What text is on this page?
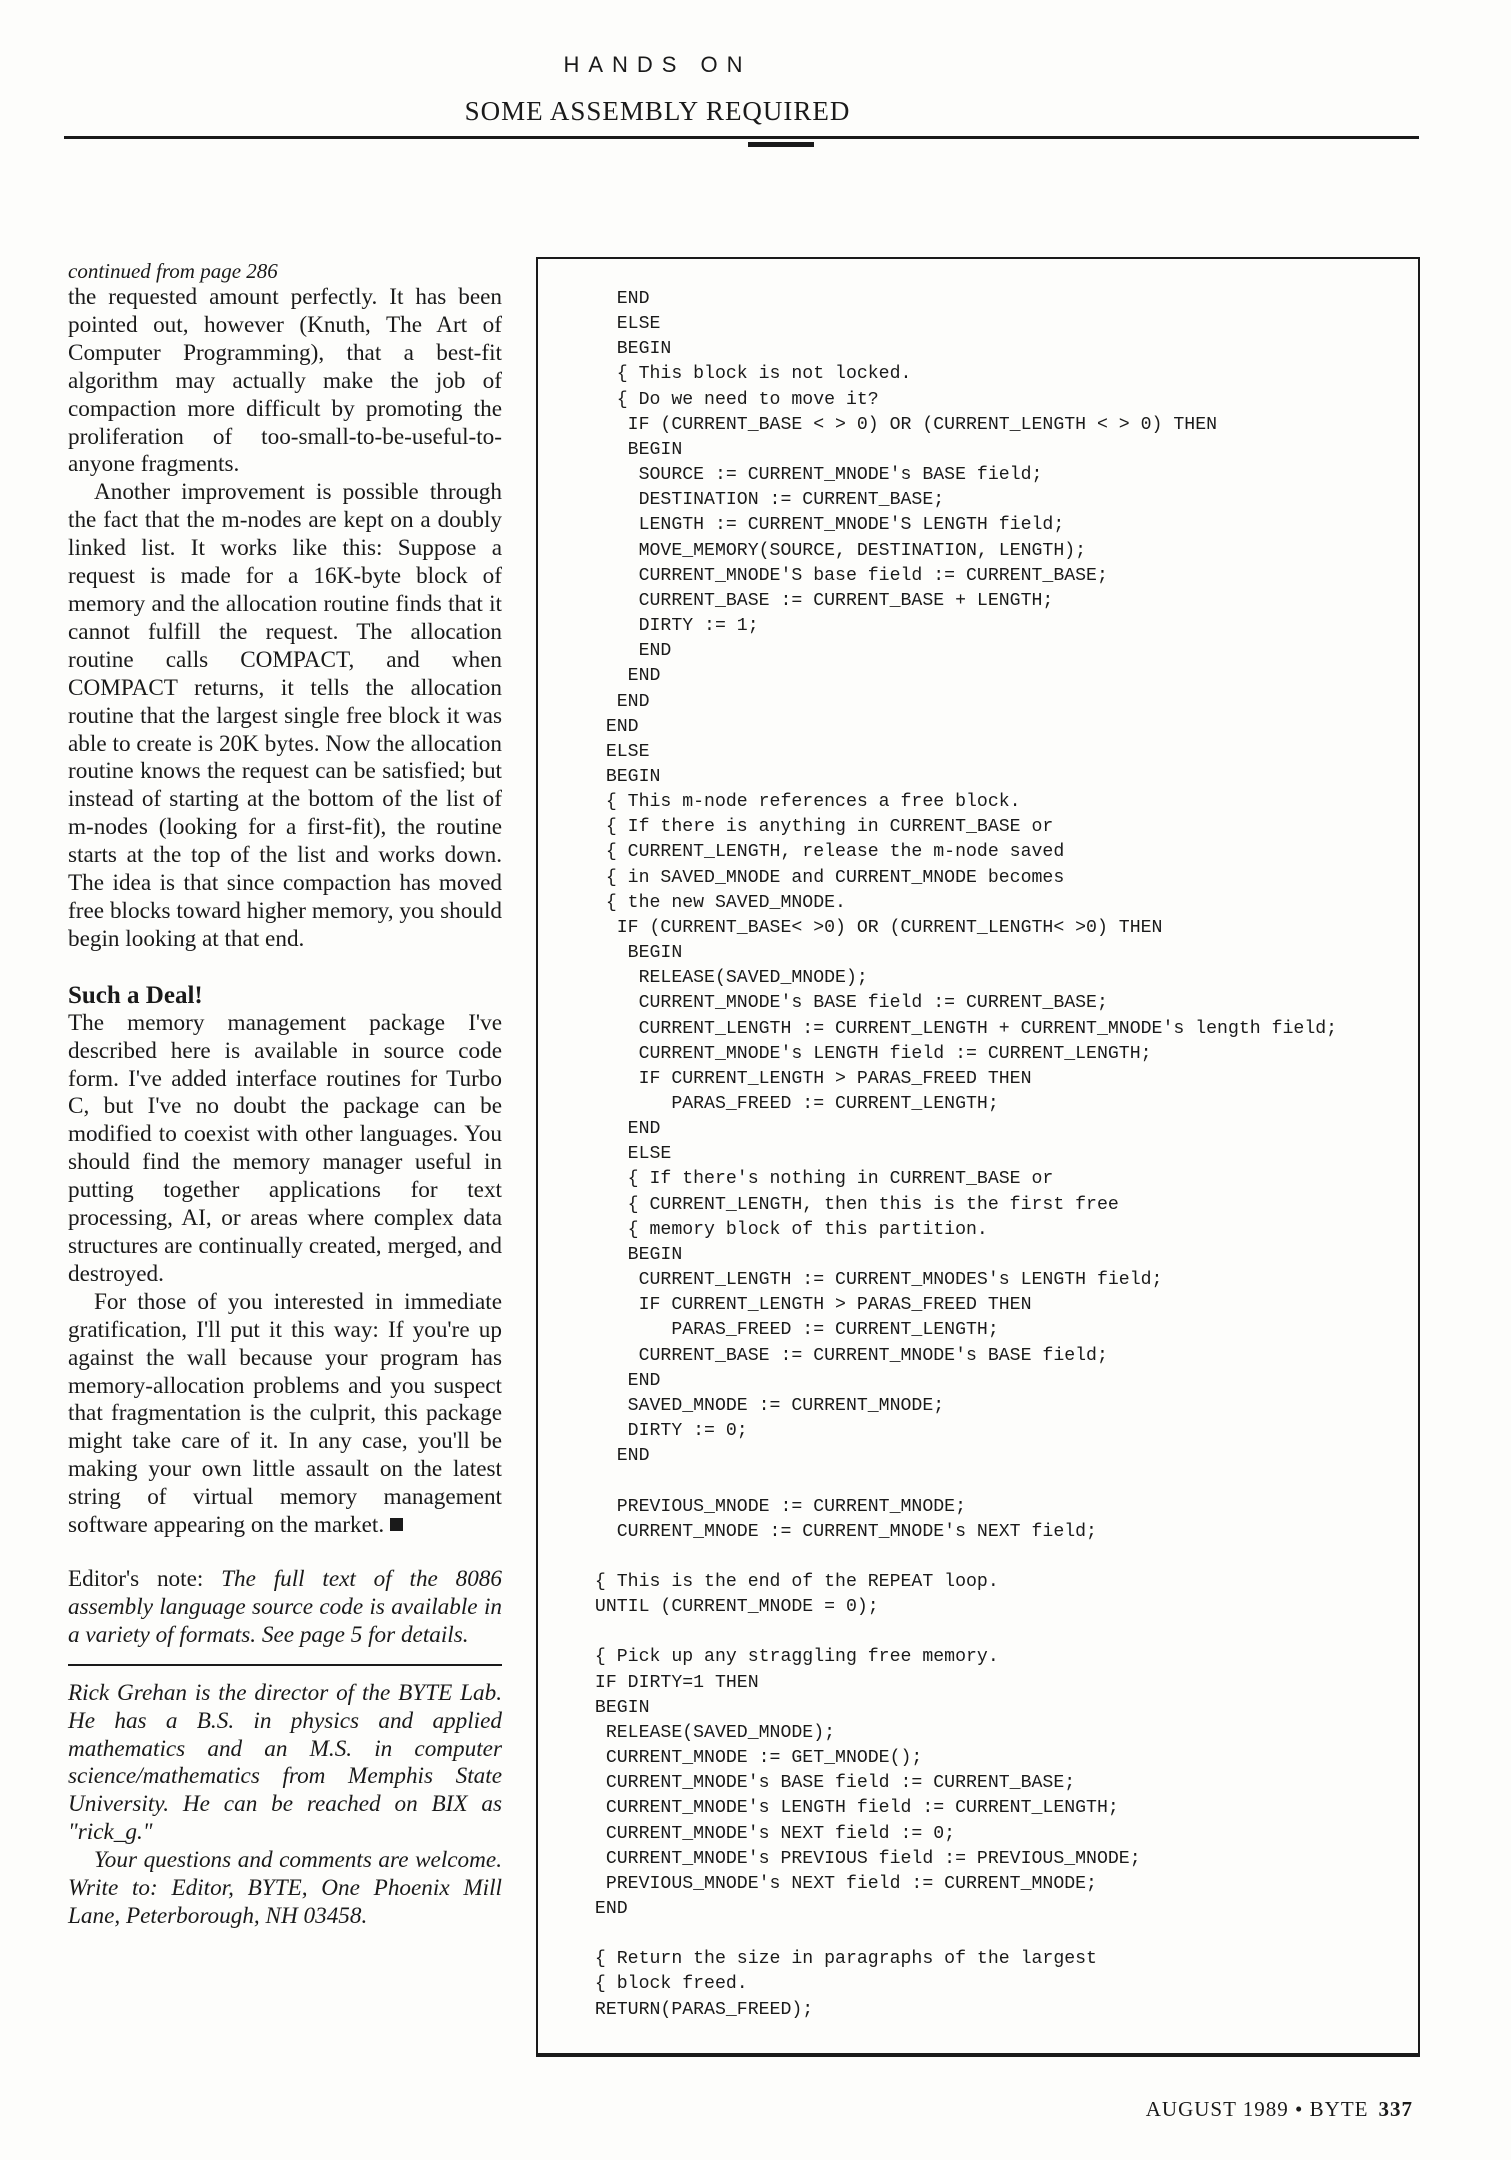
HANDS ON
SOME ASSEMBLY REQUIRED
continued from page 286

the requested amount perfectly. It has been pointed out, however (Knuth, The Art of Computer Programming), that a best-fit algorithm may actually make the job of compaction more difficult by promoting the proliferation of too-small-to-be-useful-to-anyone fragments.

Another improvement is possible through the fact that the m-nodes are kept on a doubly linked list. It works like this: Suppose a request is made for a 16K-byte block of memory and the allocation routine finds that it cannot fulfill the request. The allocation routine calls COMPACT, and when COMPACT returns, it tells the allocation routine that the largest single free block it was able to create is 20K bytes. Now the allocation routine knows the request can be satisfied; but instead of starting at the bottom of the list of m-nodes (looking for a first-fit), the routine starts at the top of the list and works down. The idea is that since compaction has moved free blocks toward higher memory, you should begin looking at that end.

Such a Deal!

The memory management package I've described here is available in source code form. I've added interface routines for Turbo C, but I've no doubt the package can be modified to coexist with other languages. You should find the memory manager useful in putting together applications for text processing, AI, or areas where complex data structures are continually created, merged, and destroyed.

For those of you interested in immediate gratification, I'll put it this way: If you're up against the wall because your program has memory-allocation problems and you suspect that fragmentation is the culprit, this package might take care of it. In any case, you'll be making your own little assault on the latest string of virtual memory management software appearing on the market.

Editor's note: The full text of the 8086 assembly language source code is available in a variety of formats. See page 5 for details.

Rick Grehan is the director of the BYTE Lab. He has a B.S. in physics and applied mathematics and an M.S. in computer science/mathematics from Memphis State University. He can be reached on BIX as "rick_g."

Your questions and comments are welcome. Write to: Editor, BYTE, One Phoenix Mill Lane, Peterborough, NH 03458.

END
ELSE
BEGIN
{ This block is not locked.
{ Do we need to move it?
IF (CURRENT_BASE < > 0) OR (CURRENT_LENGTH < > 0) THEN
BEGIN
SOURCE := CURRENT_MNODE's BASE field;
DESTINATION := CURRENT_BASE;
LENGTH := CURRENT_MNODE'S LENGTH field;
MOVE_MEMORY(SOURCE, DESTINATION, LENGTH);
CURRENT_MNODE'S base field := CURRENT_BASE;
CURRENT_BASE := CURRENT_BASE + LENGTH;
DIRTY := 1;
END
END
END
END
ELSE
BEGIN
{ This m-node references a free block.
{ If there is anything in CURRENT_BASE or
{ CURRENT_LENGTH, release the m-node saved
{ in SAVED_MNODE and CURRENT_MNODE becomes
{ the new SAVED_MNODE.
IF (CURRENT_BASE< >0) OR (CURRENT_LENGTH< >0) THEN
BEGIN
RELEASE(SAVED_MNODE);
CURRENT_MNODE's BASE field := CURRENT_BASE;
CURRENT_LENGTH := CURRENT_LENGTH + CURRENT_MNODE's length field;
CURRENT_MNODE's LENGTH field := CURRENT_LENGTH;
IF CURRENT_LENGTH > PARAS_FREED THEN
PARAS_FREED := CURRENT_LENGTH;
END
ELSE
{ If there's nothing in CURRENT_BASE or
{ CURRENT_LENGTH, then this is the first free
{ memory block of this partition.
BEGIN
CURRENT_LENGTH := CURRENT_MNODES's LENGTH field;
IF CURRENT_LENGTH > PARAS_FREED THEN
PARAS_FREED := CURRENT_LENGTH;
CURRENT_BASE := CURRENT_MNODE's BASE field;
END
SAVED_MNODE := CURRENT_MNODE;
DIRTY := 0;
END

PREVIOUS_MNODE := CURRENT_MNODE;
CURRENT_MNODE := CURRENT_MNODE's NEXT field;

{ This is the end of the REPEAT loop.
UNTIL (CURRENT_MNODE = 0);

{ Pick up any straggling free memory.
IF DIRTY=1 THEN
BEGIN
RELEASE(SAVED_MNODE);
CURRENT_MNODE := GET_MNODE();
CURRENT_MNODE's BASE field := CURRENT_BASE;
CURRENT_MNODE's LENGTH field := CURRENT_LENGTH;
CURRENT_MNODE's NEXT field := 0;
CURRENT_MNODE's PREVIOUS field := PREVIOUS_MNODE;
PREVIOUS_MNODE's NEXT field := CURRENT_MNODE;
END

{ Return the size in paragraphs of the largest
{ block freed.
RETURN(PARAS_FREED);
AUGUST 1989 • BYTE 337
